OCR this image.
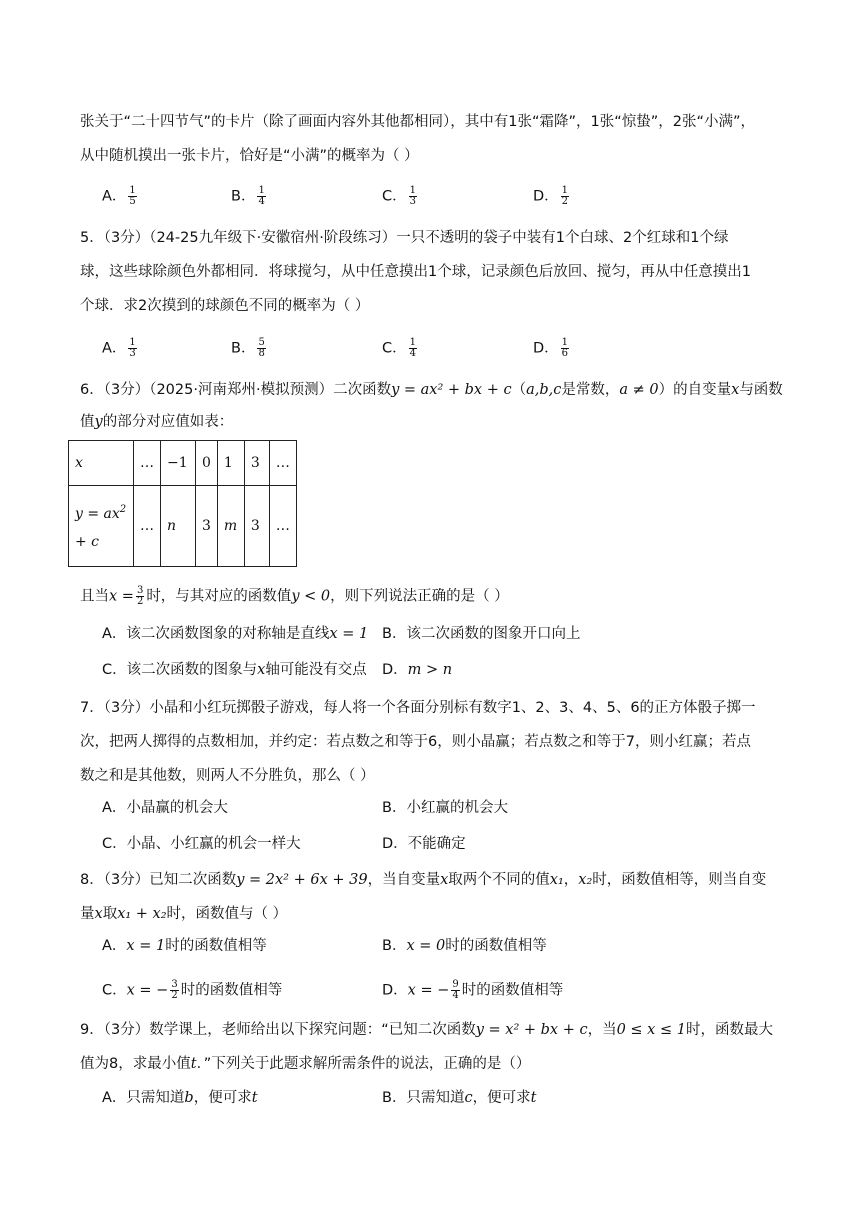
张关于“二十四节气”的卡片（除了画面内容外其他都相同），其中有1张“霜降”，1张“惊蛰”，2张“小满”，
从中随机摸出一张卡片，恰好是“小满”的概率为（ ）
A． $\frac{1}{5}$	B． $\frac{1}{4}$	C． $\frac{1}{3}$	D． $\frac{1}{2}$
5．（3分）（24-25九年级下·安徽宿州·阶段练习）一只不透明的袋子中装有1个白球、2个红球和1个绿
球，这些球除颜色外都相同．将球搅匀，从中任意摸出1个球，记录颜色后放回、搅匀，再从中任意摸出1
个球．求2次摸到的球颜色不同的概率为（ ）
A． $\frac{1}{3}$	B． $\frac{5}{8}$	C． $\frac{1}{4}$	D． $\frac{1}{6}$
6．（3分）（2025·河南郑州·模拟预测）二次函数y = ax² + bx + c（a,b,c是常数，a ≠ 0）的自变量x与函数
值y的部分对应值如表：
x	…	−1	0	1	3	…
$y = ax^2$
+ c	…	n	3	m	3	…
且当$x = \frac{3}{2}$ 时，与其对应的函数值y < 0，则下列说法正确的是（ ）
A．该二次函数图象的对称轴是直线x = 1 B．该二次函数的图象开口向上
C．该二次函数的图象与x轴可能没有交点 D．m > n
7．（3分）小晶和小红玩掷骰子游戏，每人将一个各面分别标有数字1、2、3、4、5、6的正方体骰子掷一
次，把两人掷得的点数相加，并约定：若点数之和等于6，则小晶赢；若点数之和等于7，则小红赢；若点
数之和是其他数，则两人不分胜负，那么（ ）
A．小晶赢的机会大	B．小红赢的机会大
C．小晶、小红赢的机会一样大	D．不能确定
8．（3分）已知二次函数y = 2x² + 6x + 39，当自变量x取两个不同的值x₁，x₂时，函数值相等，则当自变
量x取x₁ + x₂时，函数值与（ ）
A．x = 1时的函数值相等	B．x = 0时的函数值相等
C．x = − $\frac{3}{2}$ 时的函数值相等	D．x = − $\frac{9}{4}$ 时的函数值相等
9．（3分）数学课上，老师给出以下探究问题：“已知二次函数y = x² + bx + c，当0 ≤ x ≤ 1时，函数最大
值为8，求最小值t．”下列关于此题求解所需条件的说法，正确的是（）
A．只需知道b，便可求t	B．只需知道c，便可求t
